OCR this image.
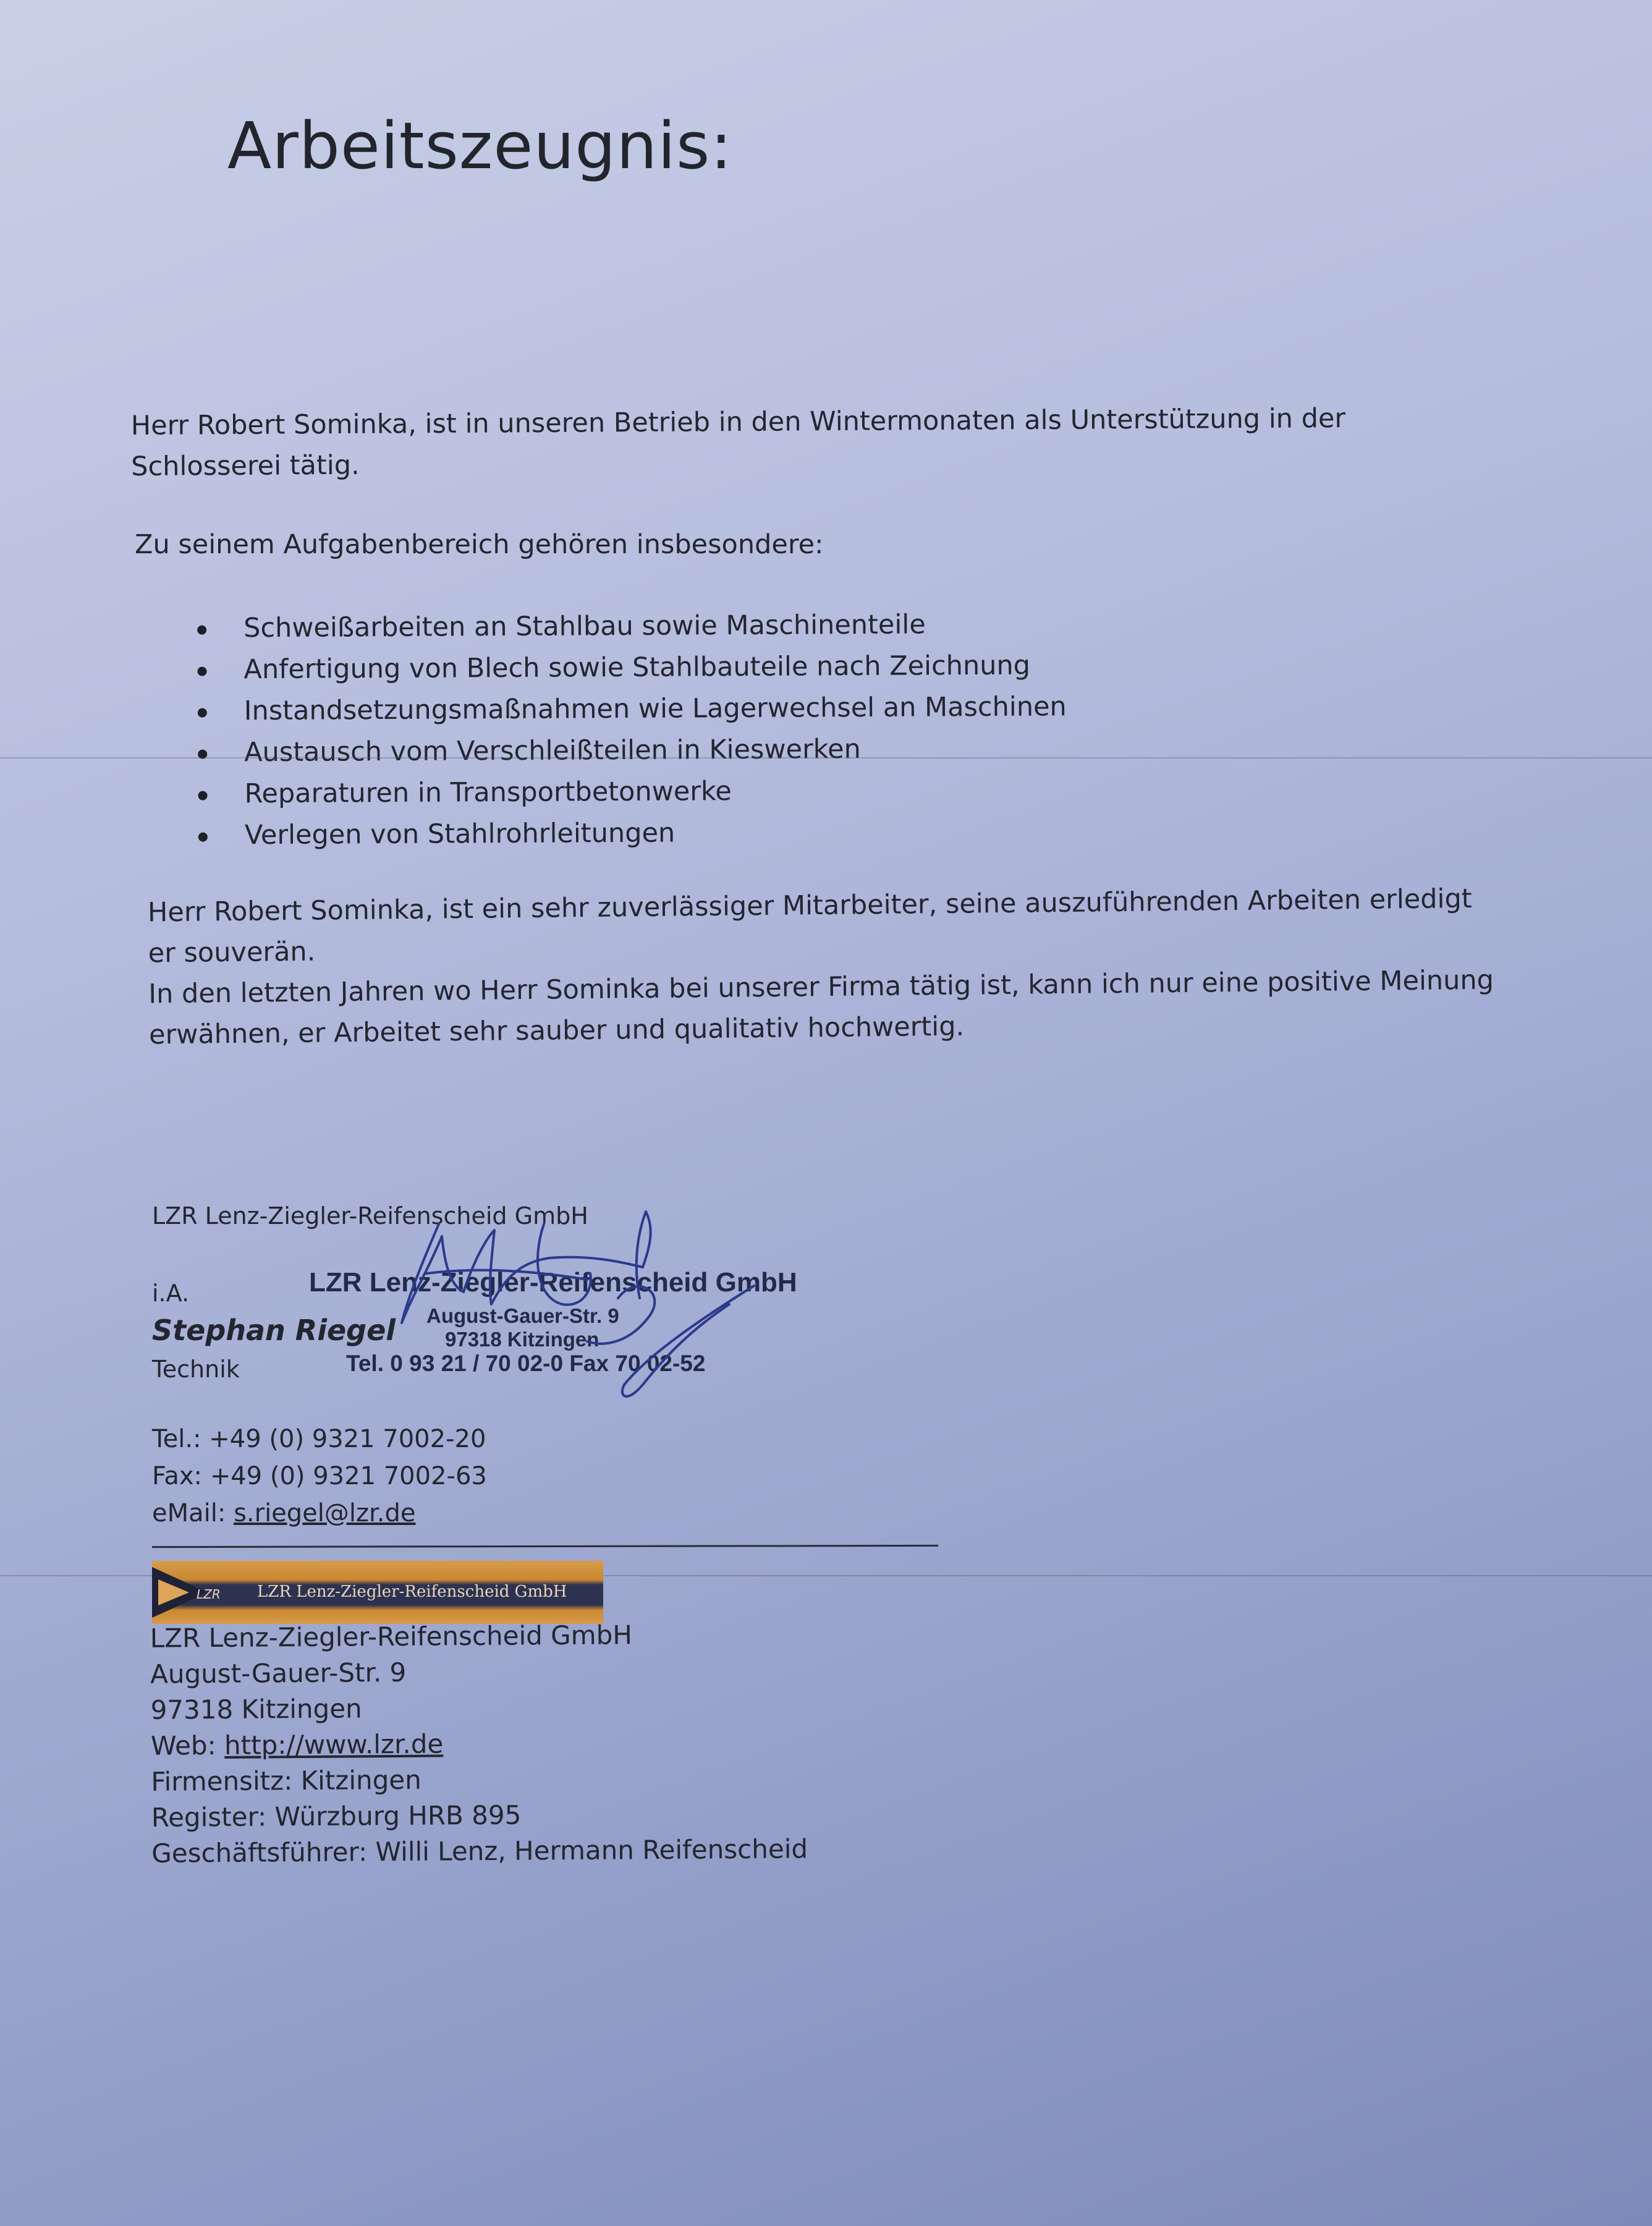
Arbeitszeugnis:
Herr Robert Sominka, ist in unseren Betrieb in den Wintermonaten als Unterstützung in der
Schlosserei tätig.
Zu seinem Aufgabenbereich gehören insbesondere:
Schweißarbeiten an Stahlbau sowie Maschinenteile
Anfertigung von Blech sowie Stahlbauteile nach Zeichnung
Instandsetzungsmaßnahmen wie Lagerwechsel an Maschinen
Austausch vom Verschleißteilen in Kieswerken
Reparaturen in Transportbetonwerke
Verlegen von Stahlrohrleitungen
Herr Robert Sominka, ist ein sehr zuverlässiger Mitarbeiter, seine auszuführenden Arbeiten erledigt
er souverän.
In den letzten Jahren wo Herr Sominka bei unserer Firma tätig ist, kann ich nur eine positive Meinung
erwähnen, er Arbeitet sehr sauber und qualitativ hochwertig.
LZR Lenz-Ziegler-Reifenscheid GmbH
i.A.
Stephan Riegel
Technik
LZR Lenz-Ziegler-Reifenscheid GmbH
August-Gauer-Str. 9
97318 Kitzingen
Tel. 0 93 21 / 70 02-0 Fax 70 02-52
Tel.: +49 (0) 9321 7002-20
Fax: +49 (0) 9321 7002-63
eMail: s.riegel@lzr.de
LZR LZR Lenz-Ziegler-Reifenscheid GmbH
LZR Lenz-Ziegler-Reifenscheid GmbH
August-Gauer-Str. 9
97318 Kitzingen
Web: http://www.lzr.de
Firmensitz: Kitzingen
Register: Würzburg HRB 895
Geschäftsführer: Willi Lenz, Hermann Reifenscheid
